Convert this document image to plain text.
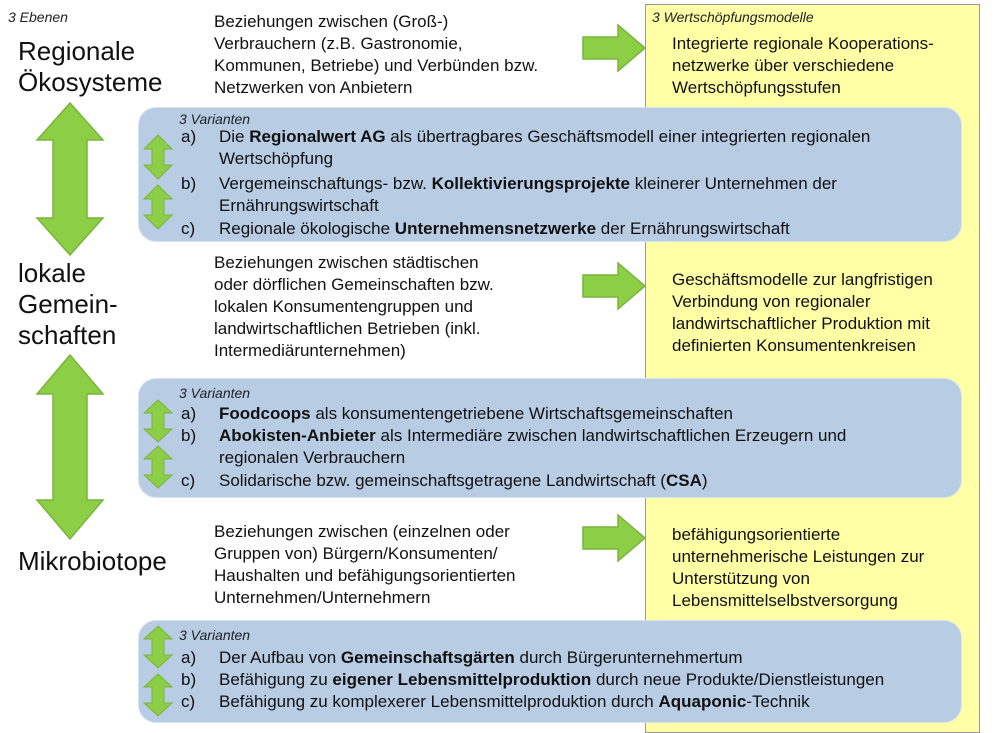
3 Ebenen	3 Wertschöpfungsmodelle
Regionale
Ökosysteme
lokale
Gemein-
schaften
Mikrobiotope
Beziehungen zwischen (Groß-)
Verbrauchern (z.B. Gastronomie,
Kommunen, Betriebe) und Verbünden bzw.
Netzwerken von Anbietern
Beziehungen zwischen städtischen
oder dörflichen Gemeinschaften bzw.
lokalen Konsumentengruppen und
landwirtschaftlichen Betrieben (inkl.
Intermediärunternehmen)
Beziehungen zwischen (einzelnen oder
Gruppen von) Bürgern/Konsumenten/
Haushalten und befähigungsorientierten
Unternehmen/Unternehmern
Integrierte regionale Kooperations-
netzwerke über verschiedene
Wertschöpfungsstufen
Geschäftsmodelle zur langfristigen
Verbindung von regionaler
landwirtschaftlicher Produktion mit
definierten Konsumentenkreisen
befähigungsorientierte
unternehmerische Leistungen zur
Unterstützung von
Lebensmittelselbstversorgung
3 Varianten
a)	Die Regionalwert AG als übertragbares Geschäftsmodell einer integrierten regionalen
Wertschöpfung
b)	Vergemeinschaftungs- bzw. Kollektivierungsprojekte kleinerer Unternehmen der
Ernährungswirtschaft
c)	Regionale ökologische Unternehmensnetzwerke der Ernährungswirtschaft
3 Varianten
a)	Foodcoops als konsumentengetriebene Wirtschaftsgemeinschaften
b)	Abokisten-Anbieter als Intermediäre zwischen landwirtschaftlichen Erzeugern und
regionalen Verbrauchern
c)	Solidarische bzw. gemeinschaftsgetragene Landwirtschaft (CSA)
3 Varianten
a)	Der Aufbau von Gemeinschaftsgärten durch Bürgerunternehmertum
b)	Befähigung zu eigener Lebensmittelproduktion durch neue Produkte/Dienstleistungen
c)	Befähigung zu komplexerer Lebensmittelproduktion durch Aquaponic-Technik
